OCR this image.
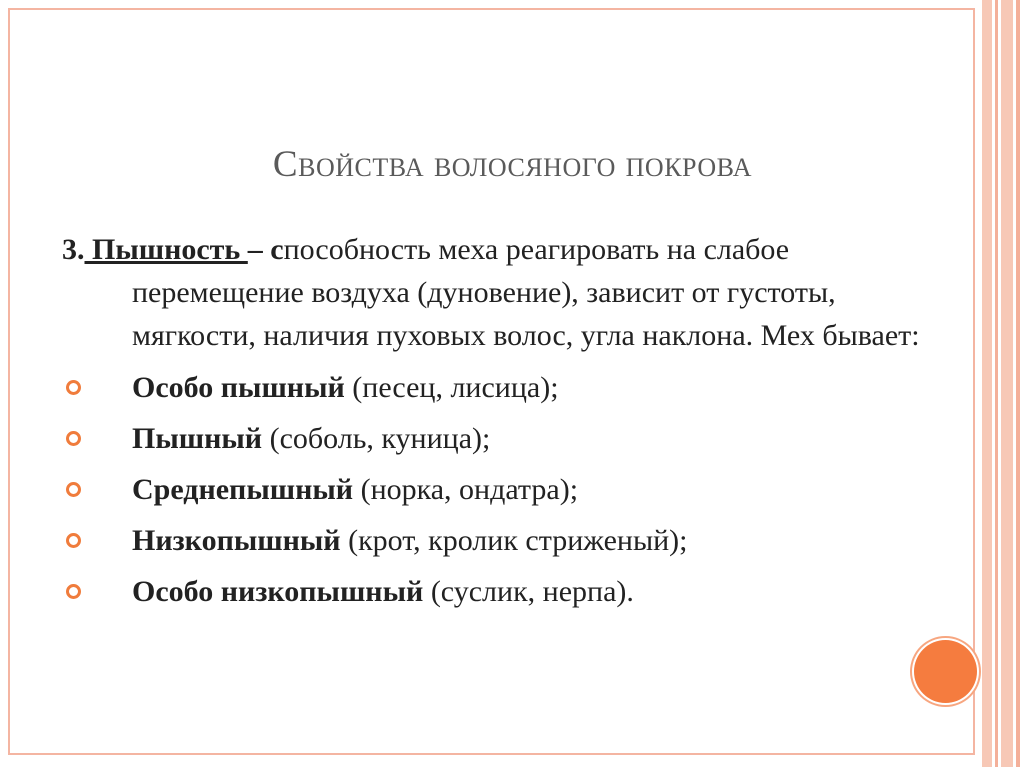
Свойства волосяного покрова

3. Пышность – способность меха реагировать на слабое перемещение воздуха (дуновение), зависит от густоты, мягкости, наличия пуховых волос, угла наклона. Мех бывает:

Особо пышный (песец, лисица);
Пышный (соболь, куница);
Среднепышный (норка, ондатра);
Низкопышный (крот, кролик стриженый);
Особо низкопышный (суслик, нерпа).
